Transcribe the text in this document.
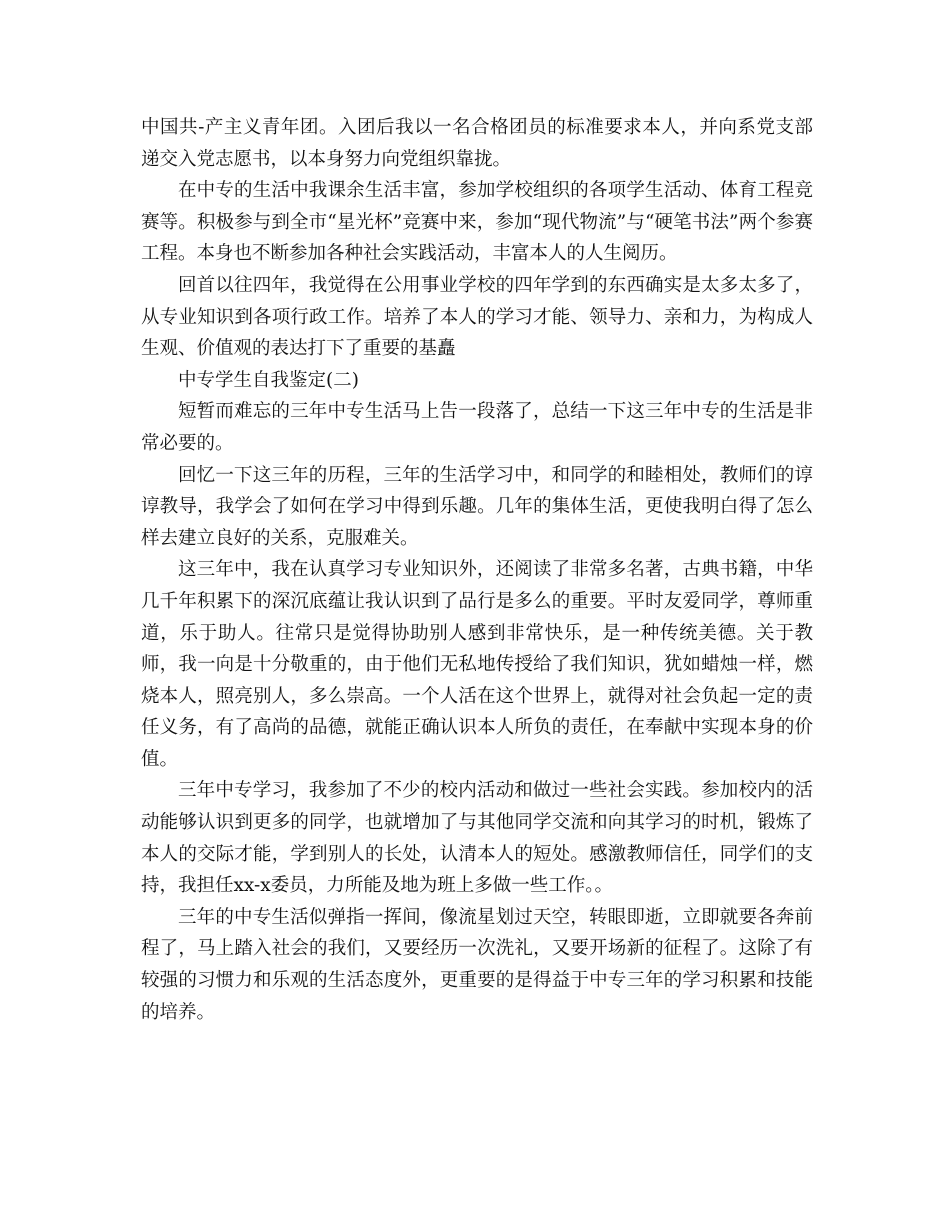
中国共-产主义青年团。入团后我以一名合格团员的标准要求本人，并向系党支部递交入党志愿书，以本身努力向党组织靠拢。

在中专的生活中我课余生活丰富，参加学校组织的各项学生活动、体育工程竞赛等。积极参与到全市“星光杯”竞赛中来，参加“现代物流”与“硬笔书法”两个参赛工程。本身也不断参加各种社会实践活动，丰富本人的人生阅历。

回首以往四年，我觉得在公用事业学校的四年学到的东西确实是太多太多了，从专业知识到各项行政工作。培养了本人的学习才能、领导力、亲和力，为构成人生观、价值观的表达打下了重要的基矗

中专学生自我鉴定(二)

短暂而难忘的三年中专生活马上告一段落了，总结一下这三年中专的生活是非常必要的。

回忆一下这三年的历程，三年的生活学习中，和同学的和睦相处，教师们的谆谆教导，我学会了如何在学习中得到乐趣。几年的集体生活，更使我明白得了怎么样去建立良好的关系，克服难关。

这三年中，我在认真学习专业知识外，还阅读了非常多名著，古典书籍，中华几千年积累下的深沉底蕴让我认识到了品行是多么的重要。平时友爱同学，尊师重道，乐于助人。往常只是觉得协助别人感到非常快乐，是一种传统美德。关于教师，我一向是十分敬重的，由于他们无私地传授给了我们知识，犹如蜡烛一样，燃烧本人，照亮别人，多么崇高。一个人活在这个世界上，就得对社会负起一定的责任义务，有了高尚的品德，就能正确认识本人所负的责任，在奉献中实现本身的价值。

三年中专学习，我参加了不少的校内活动和做过一些社会实践。参加校内的活动能够认识到更多的同学，也就增加了与其他同学交流和向其学习的时机，锻炼了本人的交际才能，学到别人的长处，认清本人的短处。感激教师信任，同学们的支持，我担任xx-x委员，力所能及地为班上多做一些工作。。

三年的中专生活似弹指一挥间，像流星划过天空，转眼即逝，立即就要各奔前程了，马上踏入社会的我们，又要经历一次洗礼，又要开场新的征程了。这除了有较强的习惯力和乐观的生活态度外，更重要的是得益于中专三年的学习积累和技能的培养。
